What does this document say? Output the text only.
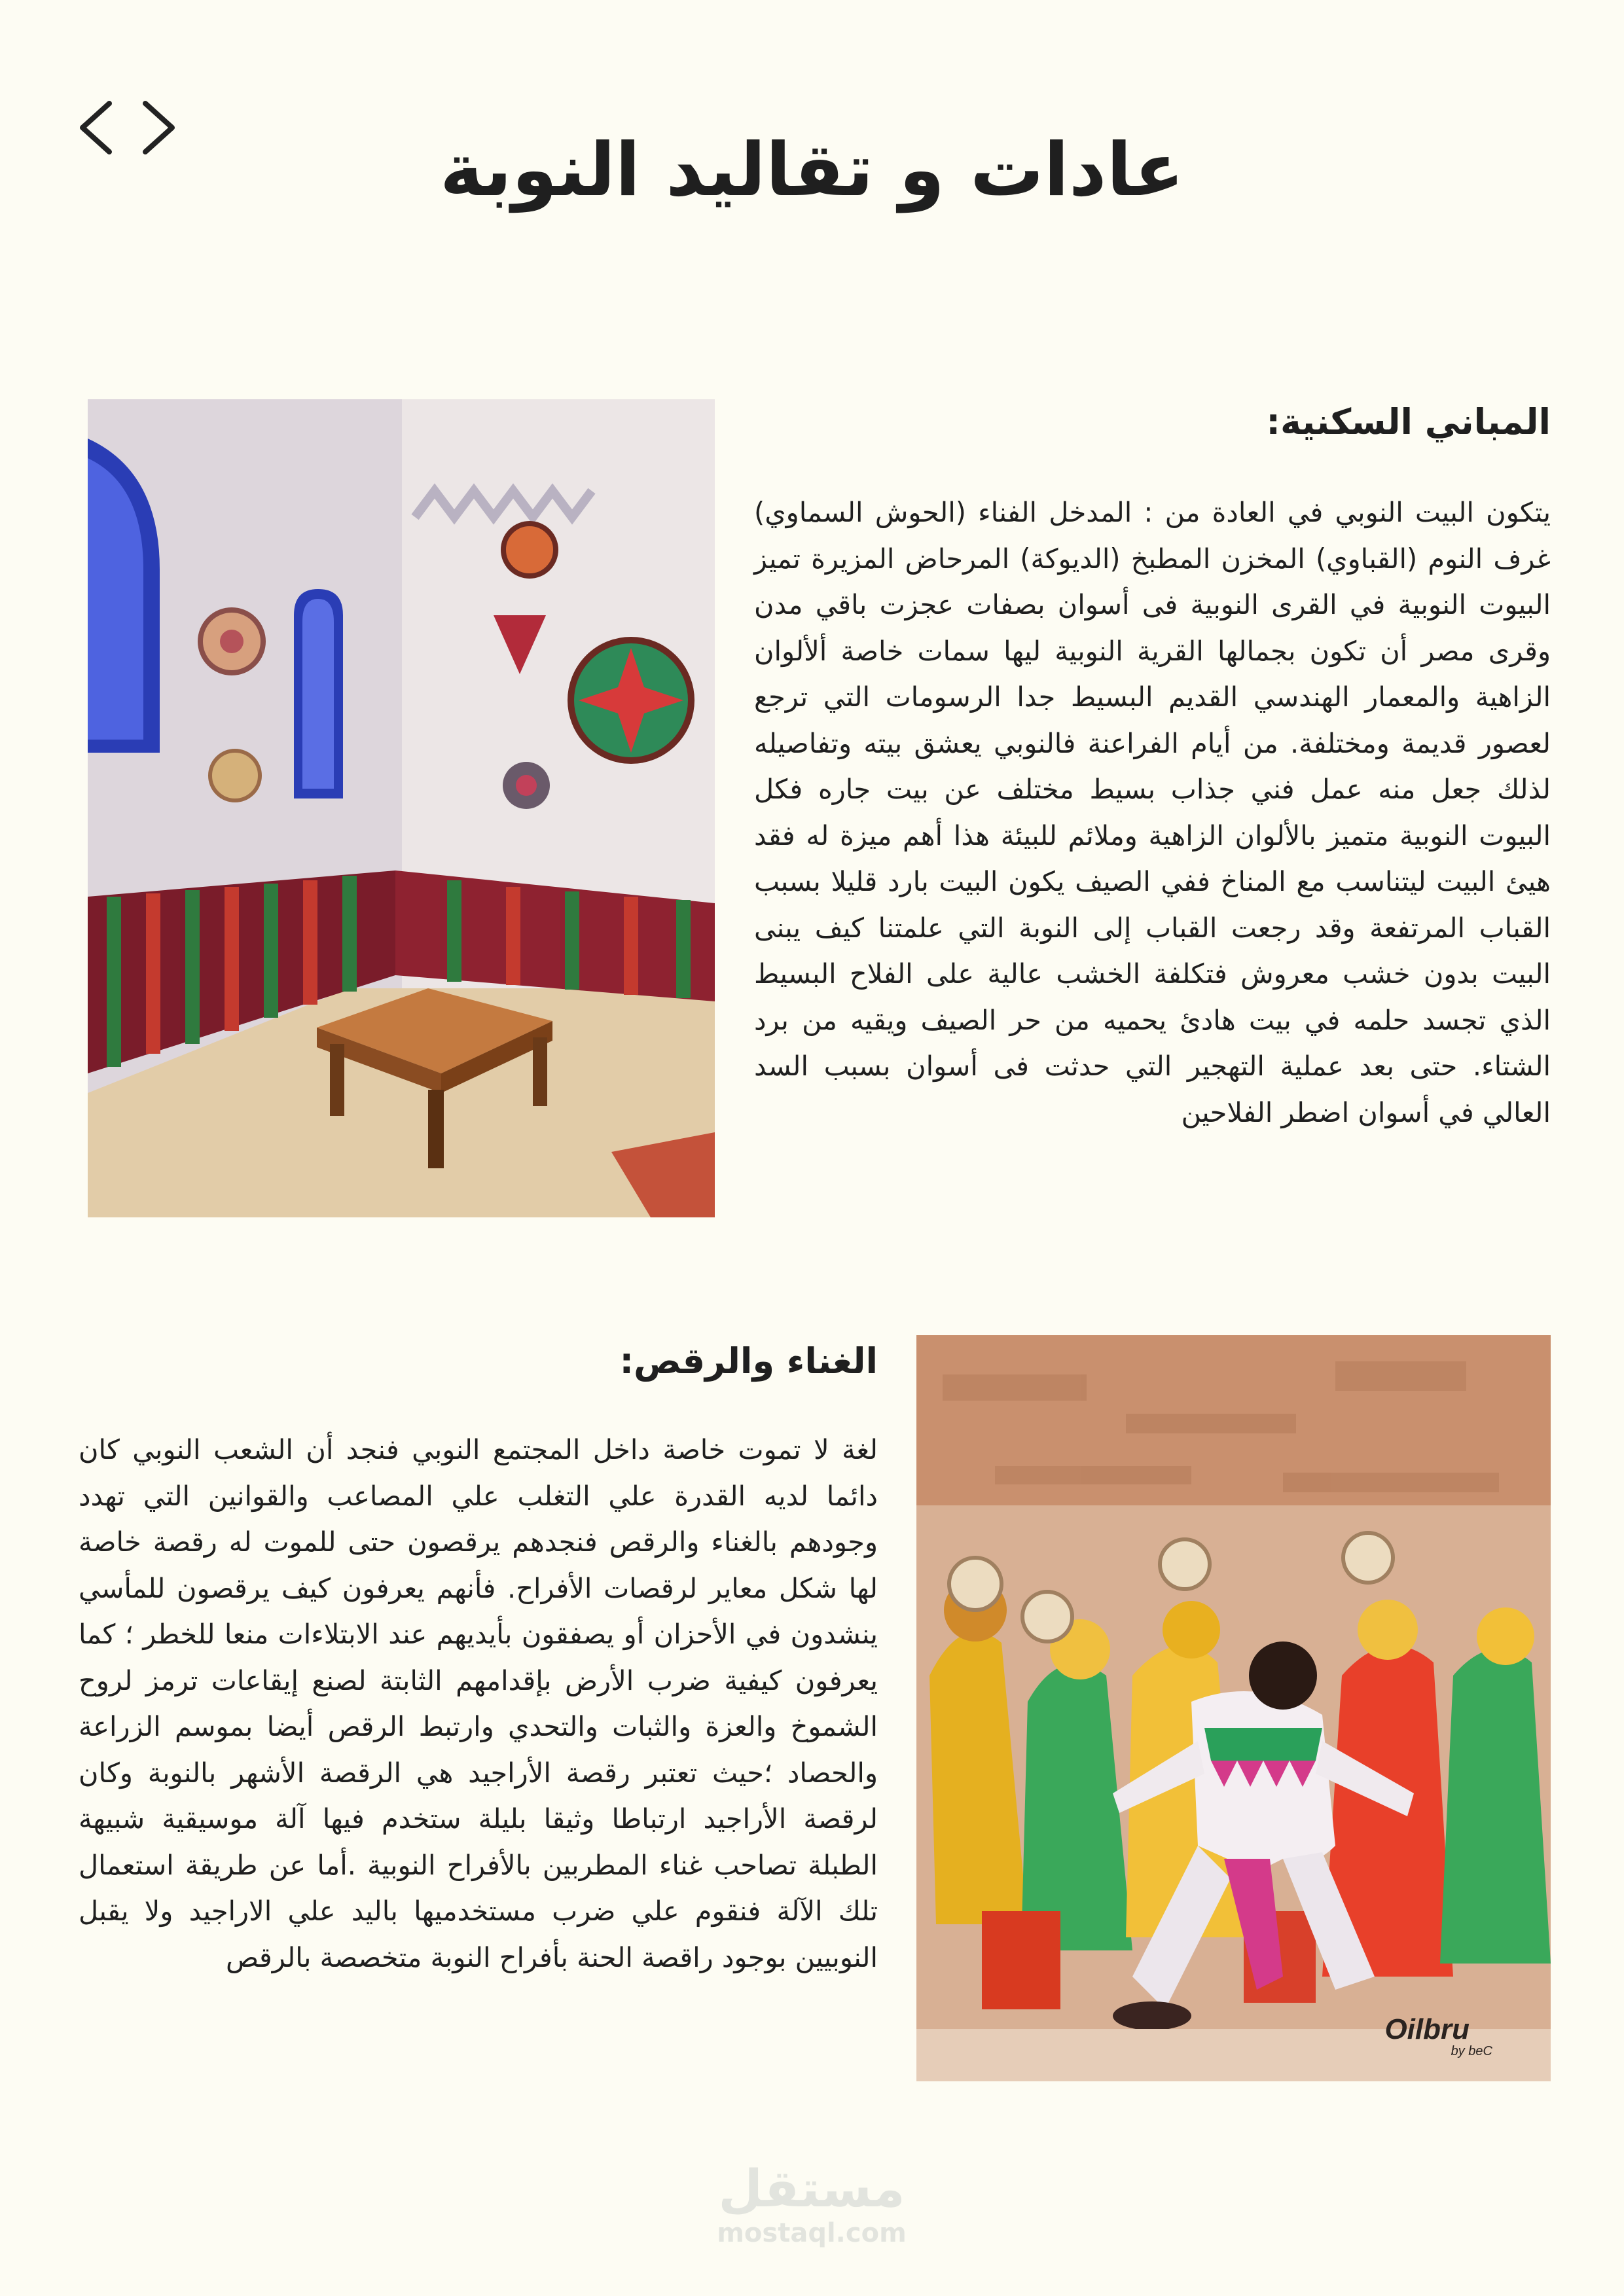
عادات و تقاليد النوبة
المباني السكنية:

يتكون البيت النوبي في العادة من : المدخل الفناء (الحوش السماوي) غرف النوم (القباوي) المخزن المطبخ (الديوكة) المرحاض المزيرة تميز البيوت النوبية في القرى النوبية فى أسوان بصفات عجزت باقي مدن وقرى مصر أن تكون بجمالها القرية النوبية ليها سمات خاصة ألألوان الزاهية والمعمار الهندسي القديم البسيط جدا الرسومات التي ترجع لعصور قديمة ومختلفة. من أيام الفراعنة فالنوبي يعشق بيته وتفاصيله لذلك جعل منه عمل فني جذاب بسيط مختلف عن بيت جاره فكل البيوت النوبية متميز بالألوان الزاهية وملائم للبيئة هذا أهم ميزة له فقد هيئ البيت ليتناسب مع المناخ ففي الصيف يكون البيت بارد قليلا بسبب القباب المرتفعة وقد رجعت القباب إلى النوبة التي علمتنا كيف يبنى البيت بدون خشب معروش فتكلفة الخشب عالية على الفلاح البسيط الذي تجسد حلمه في بيت هادئ يحميه من حر الصيف ويقيه من برد الشتاء. حتى بعد عملية التهجير التي حدثت فى أسوان بسبب السد العالي في أسوان اضطر الفلاحين

الغناء والرقص:

لغة لا تموت خاصة داخل المجتمع النوبي فنجد أن الشعب النوبي كان دائما لديه القدرة علي التغلب علي المصاعب والقوانين التي تهدد وجودهم بالغناء والرقص فنجدهم يرقصون حتى للموت له رقصة خاصة لها شكل معاير لرقصات الأفراح. فأنهم يعرفون كيف يرقصون للمأسي ينشدون في الأحزان أو يصفقون بأيديهم عند الابتلاءات منعا للخطر ؛ كما يعرفون كيفية ضرب الأرض بإقدامهم الثابتة لصنع إيقاعات ترمز لروح الشموخ والعزة والثبات والتحدي وارتبط الرقص أيضا بموسم الزراعة والحصاد ؛حيث تعتبر رقصة الأراجيد هي الرقصة الأشهر بالنوبة وكان لرقصة الأراجيد ارتباطا وثيقا بليلة ستخدم فيها آلة موسيقية شبيهة الطبلة تصاحب غناء المطربين بالأفراح النوبية .أما عن طريقة استعمال تلك الآلة فنقوم علي ضرب مستخدميها باليد علي الاراجيد ولا يقبل النوبيين بوجود راقصة الحنة بأفراح النوبة متخصصة بالرقص

Oilbru
by beC
مستقل
mostaql.com
